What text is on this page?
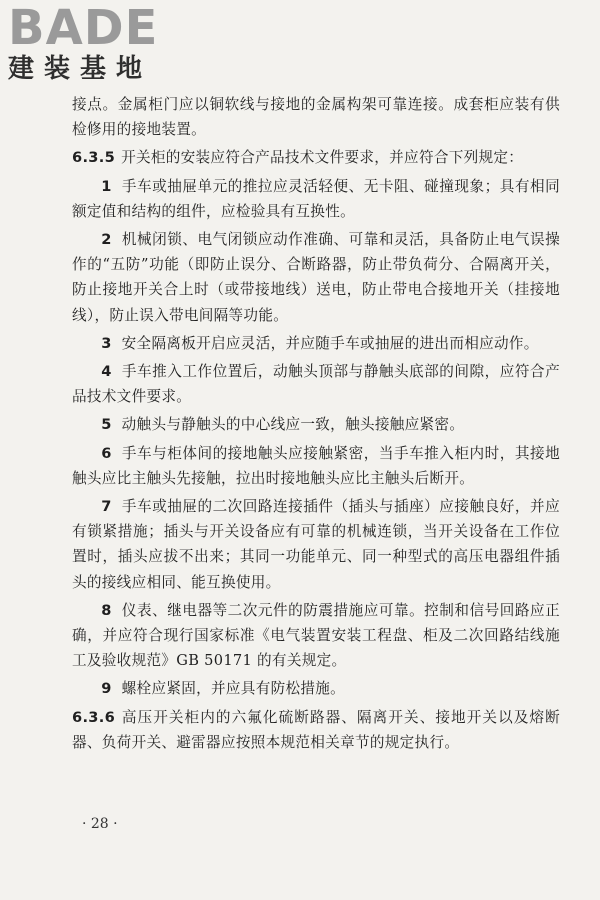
BADE
建装基地

接点。金属柜门应以铜软线与接地的金属构架可靠连接。成套柜应装有供检修用的接地装置。

6.3.5 开关柜的安装应符合产品技术文件要求，并应符合下列规定：

1 手车或抽屉单元的推拉应灵活轻便、无卡阻、碰撞现象；具有相同额定值和结构的组件，应检验具有互换性。

2 机械闭锁、电气闭锁应动作准确、可靠和灵活，具备防止电气误操作的“五防”功能（即防止误分、合断路器，防止带负荷分、合隔离开关，防止接地开关合上时（或带接地线）送电，防止带电合接地开关（挂接地线），防止误入带电间隔等功能。

3 安全隔离板开启应灵活，并应随手车或抽屉的进出而相应动作。

4 手车推入工作位置后，动触头顶部与静触头底部的间隙，应符合产品技术文件要求。

5 动触头与静触头的中心线应一致，触头接触应紧密。

6 手车与柜体间的接地触头应接触紧密，当手车推入柜内时，其接地触头应比主触头先接触，拉出时接地触头应比主触头后断开。

7 手车或抽屉的二次回路连接插件（插头与插座）应接触良好，并应有锁紧措施；插头与开关设备应有可靠的机械连锁，当开关设备在工作位置时，插头应拔不出来；其同一功能单元、同一种型式的高压电器组件插头的接线应相同、能互换使用。

8 仪表、继电器等二次元件的防震措施应可靠。控制和信号回路应正确，并应符合现行国家标准《电气装置安装工程盘、柜及二次回路结线施工及验收规范》GB 50171 的有关规定。

9 螺栓应紧固，并应具有防松措施。

6.3.6 高压开关柜内的六氟化硫断路器、隔离开关、接地开关以及熔断器、负荷开关、避雷器应按照本规范相关章节的规定执行。

· 28 ·
